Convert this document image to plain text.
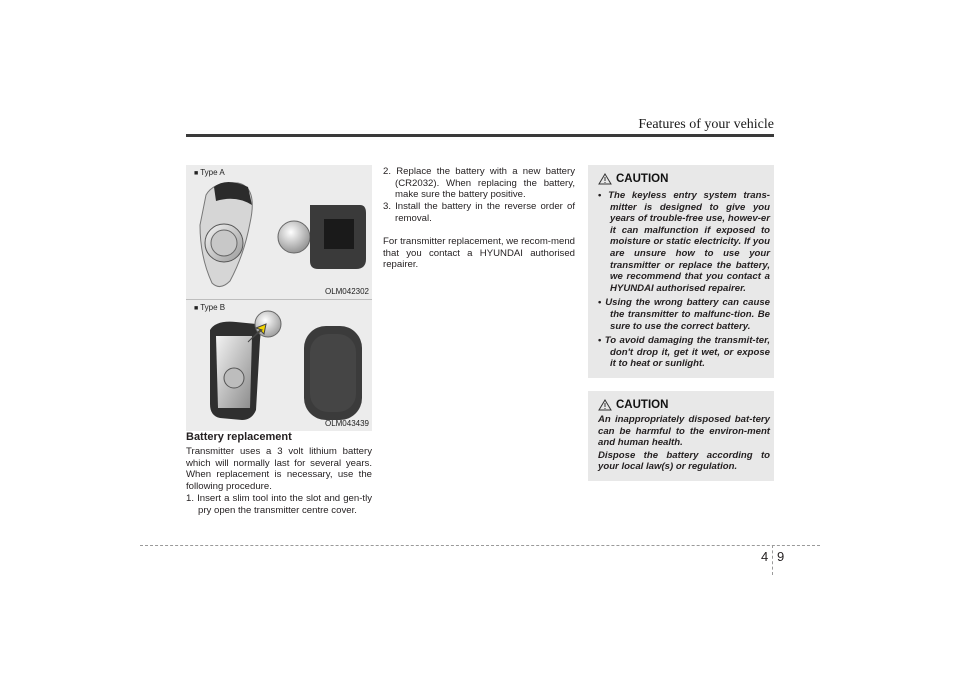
Features of your vehicle
■ Type A
OLM042302
■ Type B
OLM043439
Battery replacement

Transmitter uses a 3 volt lithium battery which will normally last for several years. When replacement is necessary, use the following procedure.

1. Insert a slim tool into the slot and gen-tly pry open the transmitter centre cover.

2. Replace the battery with a new battery (CR2032). When replacing the battery, make sure the battery positive.

3. Install the battery in the reverse order of removal.

For transmitter replacement, we recom-mend that you contact a HYUNDAI authorised repairer.

CAUTION
• The keyless entry system trans-mitter is designed to give you years of trouble-free use, howev-er it can malfunction if exposed to moisture or static electricity. If you are unsure how to use your transmitter or replace the battery, we recommend that you contact a HYUNDAI authorised repairer.
• Using the wrong battery can cause the transmitter to malfunc-tion. Be sure to use the correct battery.
• To avoid damaging the transmit-ter, don't drop it, get it wet, or expose it to heat or sunlight.
CAUTION

An inappropriately disposed bat-tery can be harmful to the environ-ment and human health.

Dispose the battery according to your local law(s) or regulation.

4 9
